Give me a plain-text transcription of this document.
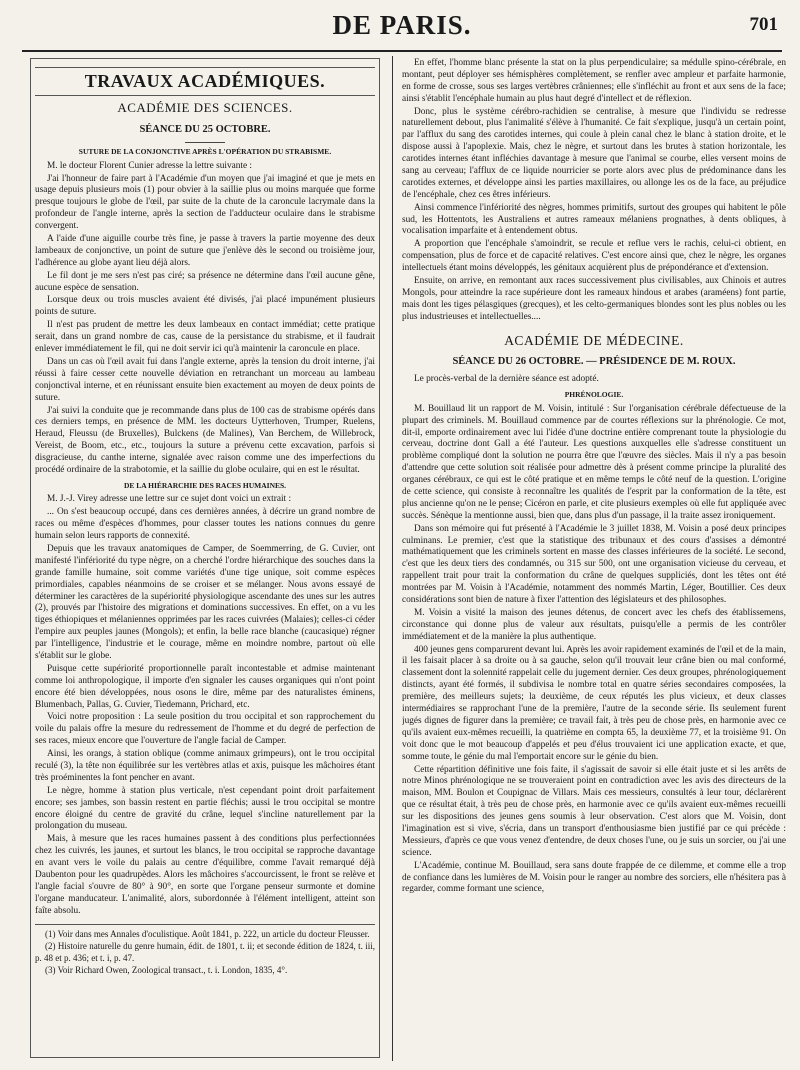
DE PARIS.	701
TRAVAUX ACADÉMIQUES.
ACADÉMIE DES SCIENCES.
SÉANCE DU 25 OCTOBRE.
SUTURE DE LA CONJONCTIVE APRÈS L'OPÉRATION DU STRABISME.

M. le docteur Florent Cunier adresse la lettre suivante :

J'ai l'honneur de faire part à l'Académie d'un moyen que j'ai imaginé et que je mets en usage depuis plusieurs mois (1) pour obvier à la saillie plus ou moins marquée que forme presque toujours le globe de l'œil, par suite de la chute de la caroncule lacrymale dans la profondeur de l'angle interne, après la section de l'adducteur oculaire dans le strabisme convergent.

A l'aide d'une aiguille courbe très fine, je passe à travers la partie moyenne des deux lambeaux de conjonctive, un point de suture que j'enlève dès le second ou troisième jour, l'adhérence au globe ayant lieu déjà alors.

Le fil dont je me sers n'est pas ciré; sa présence ne détermine dans l'œil aucune gêne, aucune espèce de sensation.

Lorsque deux ou trois muscles avaient été divisés, j'ai placé impunément plusieurs points de suture.

Il n'est pas prudent de mettre les deux lambeaux en contact immédiat; cette pratique serait, dans un grand nombre de cas, cause de la persistance du strabisme, et il faudrait enlever immédiatement le fil, qui ne doit servir ici qu'à maintenir la caroncule en place.

Dans un cas où l'œil avait fui dans l'angle externe, après la tension du droit interne, j'ai réussi à faire cesser cette nouvelle déviation en retranchant un morceau au lambeau conjonctival interne, et en réunissant ensuite bien exactement au moyen de deux points de suture.

J'ai suivi la conduite que je recommande dans plus de 100 cas de strabisme opérés dans ces derniers temps, en présence de MM. les docteurs Uytterhoven, Trumper, Ruelens, Heraud, Fleussu (de Bruxelles), Bulckens (de Malines), Van Berchem, de Willebrock, Vereist, de Boom, etc., etc., toujours la suture a prévenu cette excavation, parfois si disgracieuse, du canthe interne, signalée avec raison comme une des imperfections du procédé ordinaire de la strabotomie, et la saillie du globe oculaire, qui en est le résultat.

DE LA HIÉRARCHIE DES RACES HUMAINES.

M. J.-J. Virey adresse une lettre sur ce sujet dont voici un extrait :

... On s'est beaucoup occupé, dans ces dernières années, à décrire un grand nombre de races ou même d'espèces d'hommes, pour classer toutes les nations connues du genre humain selon leurs rapports de connexité.

Depuis que les travaux anatomiques de Camper, de Soemmerring, de G. Cuvier, ont manifesté l'infériorité du type nègre, on a cherché l'ordre hiérarchique des souches dans la grande famille humaine, soit comme variétés d'une tige unique, soit comme espèces primordiales, capables néanmoins de se croiser et se mélanger. Nous avons essayé de déterminer les caractères de la supériorité physiologique ascendante des unes sur les autres (2), prouvés par l'histoire des migrations et dominations successives. En effet, on a vu les tiges éthiopiques et mélaniennes opprimées par les races cuivrées (Malaies); celles-ci céder l'empire aux peuples jaunes (Mongols); et enfin, la belle race blanche (caucasique) régner par l'intelligence, l'industrie et le courage, même en moindre nombre, partout où elle s'établit sur le globe.

Puisque cette supériorité proportionnelle paraît incontestable et admise maintenant comme loi anthropologique, il importe d'en signaler les causes organiques qui n'ont point encore été bien développées, nous osons le dire, même par des naturalistes éminens, Blumenbach, Pallas, G. Cuvier, Tiedemann, Prichard, etc.

Voici notre proposition : La seule position du trou occipital et son rapprochement du voile du palais offre la mesure du redressement de l'homme et du degré de perfection de ses races, mieux encore que l'ouverture de l'angle facial de Camper.

Ainsi, les orangs, à station oblique (comme animaux grimpeurs), ont le trou occipital reculé (3), la tête non équilibrée sur les vertèbres atlas et axis, puisque les mâchoires étant très proéminentes la font pencher en avant.

Le nègre, homme à station plus verticale, n'est cependant point droit parfaitement encore; ses jambes, son bassin restent en partie fléchis; aussi le trou occipital se montre encore éloigné du centre de gravité du crâne, lequel s'incline naturellement par la prolongation du museau.

Mais, à mesure que les races humaines passent à des conditions plus perfectionnées chez les cuivrés, les jaunes, et surtout les blancs, le trou occipital se rapproche davantage en avant vers le voile du palais au centre d'équilibre, comme l'avait remarqué déjà Daubenton pour les quadrupèdes. Alors les mâchoires s'accourcissent, le front se relève et l'angle facial s'ouvre de 80° à 90°, en sorte que l'organe penseur surmonte et domine l'organe manducateur. L'animalité, alors, subordonnée à l'élément intelligent, atteint son faîte absolu.

(1) Voir dans mes Annales d'oculistique. Août 1841, p. 222, un article du docteur Fleusser.

(2) Histoire naturelle du genre humain, édit. de 1801, t. ii; et seconde édition de 1824, t. iii, p. 48 et p. 436; et t. i, p. 47.

(3) Voir Richard Owen, Zoological transact., t. i. London, 1835, 4°.

En effet, l'homme blanc présente la stat on la plus perpendiculaire; sa médulle spino-cérébrale, en montant, peut déployer ses hémisphères complètement, se renfler avec ampleur et parfaite harmonie, en forme de crosse, sous ses larges vertèbres crâniennes; elle s'infléchit au front et aux sens de la face; ainsi s'établit l'encéphale humain au plus haut degré d'intellect et de réflexion.

Donc, plus le système cérébro-rachidien se centralise, à mesure que l'individu se redresse naturellement debout, plus l'animalité s'élève à l'humanité. Ce fait s'explique, jusqu'à un certain point, par l'afflux du sang des carotides internes, qui coule à plein canal chez le blanc à station droite, et le dispose aussi à l'apoplexie. Mais, chez le nègre, et surtout dans les brutes à station horizontale, les carotides internes étant infléchies davantage à mesure que l'animal se courbe, elles versent moins de sang au cerveau; l'afflux de ce liquide nourricier se porte alors avec plus de prédominance dans les carotides externes, et développe ainsi les parties maxillaires, ou allonge les os de la face, au préjudice de l'encéphale, chez ces êtres inférieurs.

Ainsi commence l'infériorité des nègres, hommes primitifs, surtout des groupes qui habitent le pôle sud, les Hottentots, les Australiens et autres rameaux mélaniens prognathes, à dents obliques, à vocalisation imparfaite et à entendement obtus.

A proportion que l'encéphale s'amoindrit, se recule et reflue vers le rachis, celui-ci obtient, en compensation, plus de force et de capacité relatives. C'est encore ainsi que, chez le nègre, les organes intellectuels étant moins développés, les génitaux acquièrent plus de prépondérance et d'extension.

Ensuite, on arrive, en remontant aux races successivement plus civilisables, aux Chinois et autres Mongols, pour atteindre la race supérieure dont les rameaux hindous et arabes (araméens) font partie, mais dont les tiges pélasgiques (grecques), et les celto-germaniques blondes sont les plus nobles ou les plus industrieuses et intellectuelles....

ACADÉMIE DE MÉDECINE.
SÉANCE DU 26 OCTOBRE. — PRÉSIDENCE DE M. ROUX.

Le procès-verbal de la dernière séance est adopté.

PHRÉNOLOGIE.

M. Bouillaud lit un rapport de M. Voisin, intitulé : Sur l'organisation cérébrale défectueuse de la plupart des criminels. M. Bouillaud commence par de courtes réflexions sur la phrénologie. Ce mot, dit-il, emporte ordinairement avec lui l'idée d'une doctrine entière comprenant toute la physiologie du cerveau, doctrine dont Gall a été l'auteur. Les questions auxquelles elle s'adresse constituent un problème compliqué dont la solution ne pourra être que l'œuvre des siècles. Mais il n'y a pas besoin d'attendre que cette solution soit réalisée pour admettre dès à présent comme principe la pluralité des organes cérébraux, ce qui est le côté pratique et en même temps le côté neuf de la question. L'origine de cette science, qui consiste à reconnaître les qualités de l'esprit par la conformation de la tête, est plus ancienne qu'on ne le pense; Cicéron en parle, et cite plusieurs exemples où elle fut appliquée avec succès. Sénèque la mentionne aussi, bien que, dans plus d'un passage, il la traite assez ironiquement.

Dans son mémoire qui fut présenté à l'Académie le 3 juillet 1838, M. Voisin a posé deux principes culminans. Le premier, c'est que la statistique des tribunaux et des cours d'assises a démontré mathématiquement que les criminels sortent en masse des classes inférieures de la société. Le second, c'est que les deux tiers des condamnés, ou 315 sur 500, ont une organisation vicieuse du cerveau, et rappellent trait pour trait la conformation du crâne de quelques suppliciés, dont les têtes ont été montrées par M. Voisin à l'Académie, notamment des nommés Martin, Léger, Boutillier. Ces deux considérations sont bien de nature à fixer l'attention des législateurs et des philosophes.

M. Voisin a visité la maison des jeunes détenus, de concert avec les chefs des établissemens, circonstance qui donne plus de valeur aux résultats, puisqu'elle a permis de les contrôler immédiatement et de la manière la plus authentique.

400 jeunes gens comparurent devant lui. Après les avoir rapidement examinés de l'œil et de la main, il les faisait placer à sa droite ou à sa gauche, selon qu'il trouvait leur crâne bien ou mal conformé, classement dont la solennité rappelait celle du jugement dernier. Ces deux groupes, phrénologiquement distincts, ayant été formés, il subdivisa le nombre total en quatre séries secondaires composées, la première, des meilleurs sujets; la deuxième, de ceux réputés les plus vicieux, et deux classes intermédiaires se rapprochant l'une de la première, l'autre de la seconde série. Ils seulement furent jugés dignes de figurer dans la première; ce travail fait, à très peu de chose près, en harmonie avec ce qu'ils avaient eux-mêmes recueilli, la quatrième en compta 65, la deuxième 77, et la troisième 91. On voit donc que le mot beaucoup d'appelés et peu d'élus trouvaient ici une application exacte, et que, somme toute, le génie du mal l'emportait encore sur le génie du bien.

Cette répartition définitive une fois faite, il s'agissait de savoir si elle était juste et si les arrêts de notre Minos phrénologique ne se trouveraient point en contradiction avec les avis des directeurs de la maison, MM. Boulon et Coupignac de Villars. Mais ces messieurs, consultés à leur tour, déclarèrent que ce résultat était, à très peu de chose près, en harmonie avec ce qu'ils avaient eux-mêmes recueilli sur les dispositions des jeunes gens soumis à leur observation. C'est alors que M. Voisin, dont l'imagination est si vive, s'écria, dans un transport d'enthousiasme bien justifié par ce qui précède : Messieurs, d'après ce que vous venez d'entendre, de deux choses l'une, ou je suis un sorcier, ou j'ai une science.

L'Académie, continue M. Bouillaud, sera sans doute frappée de ce dilemme, et comme elle a trop de confiance dans les lumières de M. Voisin pour le ranger au nombre des sorciers, elle n'hésitera pas à regarder, comme formant une science,
